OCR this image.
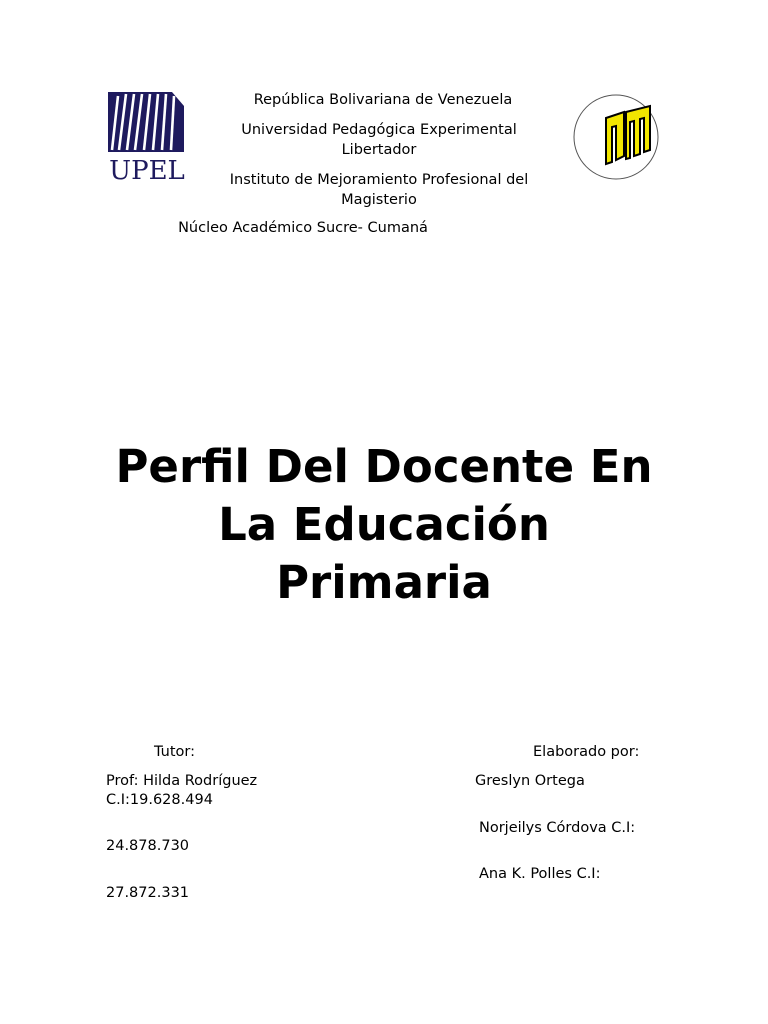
UPEL
República Bolivariana de Venezuela
Universidad Pedagógica Experimental
Libertador
Instituto de Mejoramiento Profesional del
Magisterio
Núcleo Académico Sucre- Cumaná
Perfil Del Docente En
La Educación
Primaria
Tutor:
Prof: Hilda Rodríguez
C.I:19.628.494
24.878.730
27.872.331
Elaborado por:
Greslyn Ortega
Norjeilys Córdova C.I:
Ana K. Polles C.I:
